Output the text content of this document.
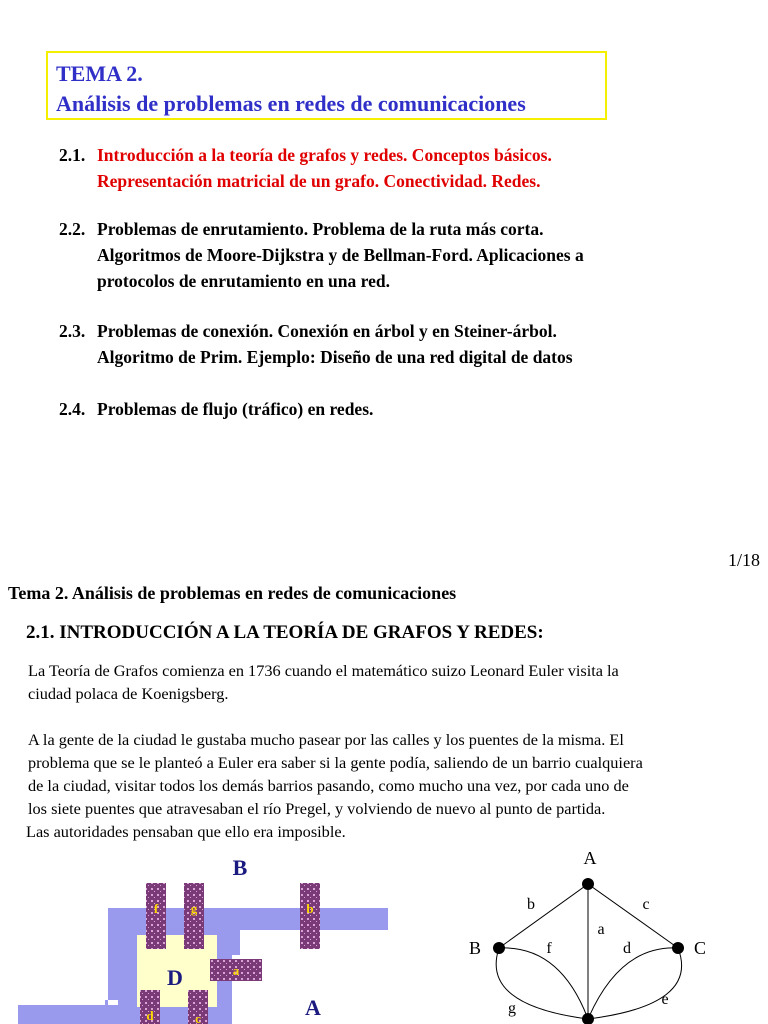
TEMA 2.
Análisis de problemas en redes de comunicaciones
2.1. Introducción a la teoría de grafos y redes. Conceptos básicos.
Representación matricial de un grafo. Conectividad. Redes.
2.2. Problemas de enrutamiento. Problema de la ruta más corta.
Algoritmos de Moore-Dijkstra y de Bellman-Ford. Aplicaciones a
protocolos de enrutamiento en una red.
2.3. Problemas de conexión. Conexión en árbol y en Steiner-árbol.
Algoritmo de Prim. Ejemplo: Diseño de una red digital de datos
2.4. Problemas de flujo (tráfico) en redes.
1/18
Tema 2. Análisis de problemas en redes de comunicaciones
2.1. INTRODUCCIÓN A LA TEORÍA DE GRAFOS Y REDES:
La Teoría de Grafos comienza en 1736 cuando el matemático suizo Leonard Euler visita la
ciudad polaca de Koenigsberg.
A la gente de la ciudad le gustaba mucho pasear por las calles y los puentes de la misma. El
problema que se le planteó a Euler era saber si la gente podía, saliendo de un barrio cualquiera
de la ciudad, visitar todos los demás barrios pasando, como mucho una vez, por cada uno de
los siete puentes que atravesaban el río Pregel, y volviendo de nuevo al punto de partida.
Las autoridades pensaban que ello era imposible.
f	g	b
a
d	c
B
D
A
A
B	C
b	c
a
f	d
e
g
